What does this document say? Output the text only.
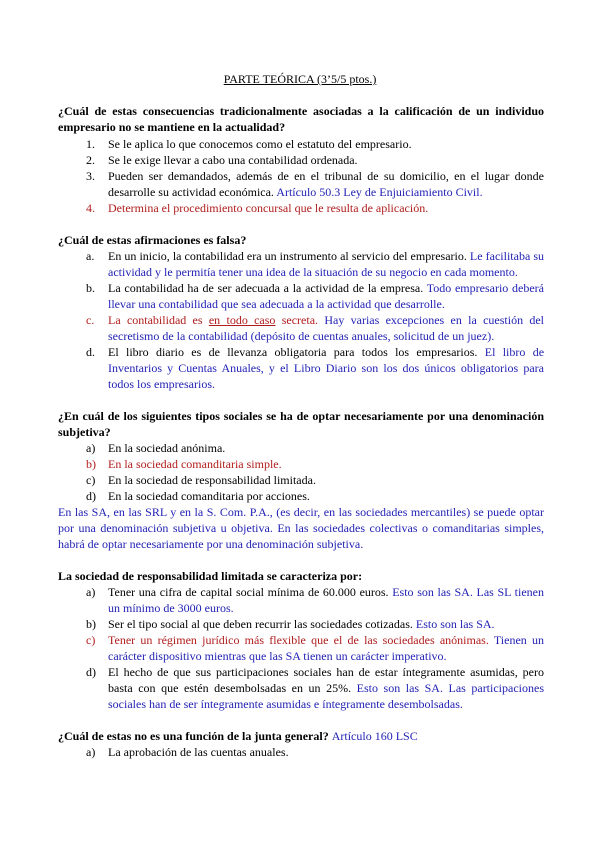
PARTE TEÓRICA (3’5/5 ptos.)
¿Cuál de estas consecuencias tradicionalmente asociadas a la calificación de un individuo empresario no se mantiene en la actualidad?
1. Se le aplica lo que conocemos como el estatuto del empresario.
2. Se le exige llevar a cabo una contabilidad ordenada.
3. Pueden ser demandados, además de en el tribunal de su domicilio, en el lugar donde desarrolle su actividad económica. Artículo 50.3 Ley de Enjuiciamiento Civil.
4. Determina el procedimiento concursal que le resulta de aplicación.
¿Cuál de estas afirmaciones es falsa?
a. En un inicio, la contabilidad era un instrumento al servicio del empresario. Le facilitaba su actividad y le permitía tener una idea de la situación de su negocio en cada momento.
b. La contabilidad ha de ser adecuada a la actividad de la empresa. Todo empresario deberá llevar una contabilidad que sea adecuada a la actividad que desarrolle.
c. La contabilidad es en todo caso secreta. Hay varias excepciones en la cuestión del secretismo de la contabilidad (depósito de cuentas anuales, solicitud de un juez).
d. El libro diario es de llevanza obligatoria para todos los empresarios. El libro de Inventarios y Cuentas Anuales, y el Libro Diario son los dos únicos obligatorios para todos los empresarios.
¿En cuál de los siguientes tipos sociales se ha de optar necesariamente por una denominación subjetiva?
a) En la sociedad anónima.
b) En la sociedad comanditaria simple.
c) En la sociedad de responsabilidad limitada.
d) En la sociedad comanditaria por acciones.
En las SA, en las SRL y en la S. Com. P.A., (es decir, en las sociedades mercantiles) se puede optar por una denominación subjetiva u objetiva. En las sociedades colectivas o comanditarias simples, habrá de optar necesariamente por una denominación subjetiva.
La sociedad de responsabilidad limitada se caracteriza por:
a) Tener una cifra de capital social mínima de 60.000 euros. Esto son las SA. Las SL tienen un mínimo de 3000 euros.
b) Ser el tipo social al que deben recurrir las sociedades cotizadas. Esto son las SA.
c) Tener un régimen jurídico más flexible que el de las sociedades anónimas. Tienen un carácter dispositivo mientras que las SA tienen un carácter imperativo.
d) El hecho de que sus participaciones sociales han de estar íntegramente asumidas, pero basta con que estén desembolsadas en un 25%. Esto son las SA. Las participaciones sociales han de ser íntegramente asumidas e íntegramente desembolsadas.
¿Cuál de estas no es una función de la junta general? Artículo 160 LSC
a) La aprobación de las cuentas anuales.
